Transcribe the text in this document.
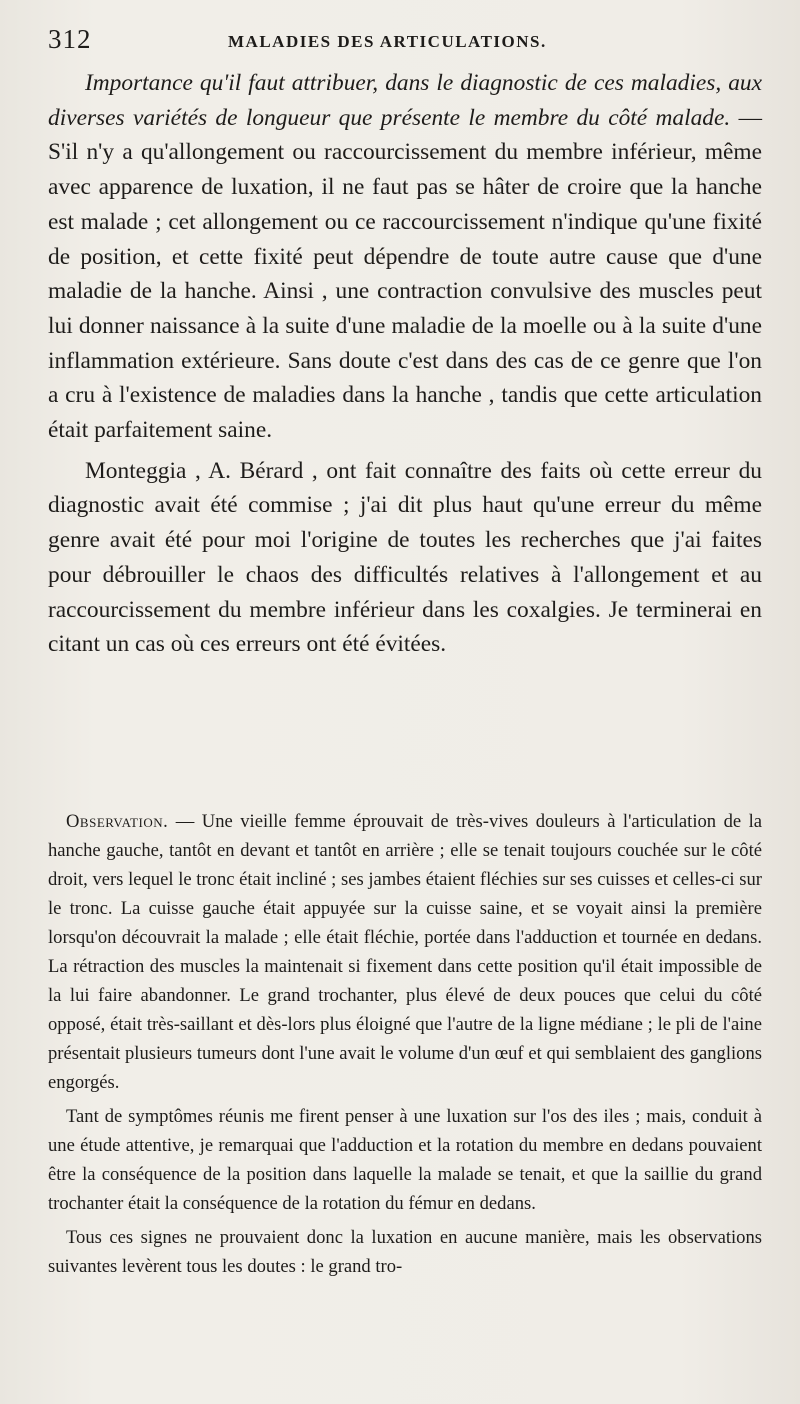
312	MALADIES DES ARTICULATIONS.

Importance qu'il faut attribuer, dans le diagnostic de ces maladies, aux diverses variétés de longueur que présente le membre du côté malade. — S'il n'y a qu'allongement ou raccourcissement du membre inférieur, même avec apparence de luxation, il ne faut pas se hâter de croire que la hanche est malade ; cet allongement ou ce raccourcissement n'indique qu'une fixité de position, et cette fixité peut dépendre de toute autre cause que d'une maladie de la hanche. Ainsi , une contraction convulsive des muscles peut lui donner naissance à la suite d'une maladie de la moelle ou à la suite d'une inflammation extérieure. Sans doute c'est dans des cas de ce genre que l'on a cru à l'existence de maladies dans la hanche , tandis que cette articulation était parfaitement saine.

Monteggia , A. Bérard , ont fait connaître des faits où cette erreur du diagnostic avait été commise ; j'ai dit plus haut qu'une erreur du même genre avait été pour moi l'origine de toutes les recherches que j'ai faites pour débrouiller le chaos des difficultés relatives à l'allongement et au raccourcissement du membre inférieur dans les coxalgies. Je terminerai en citant un cas où ces erreurs ont été évitées.

Observation. — Une vieille femme éprouvait de très-vives douleurs à l'articulation de la hanche gauche, tantôt en devant et tantôt en arrière ; elle se tenait toujours couchée sur le côté droit, vers lequel le tronc était incliné ; ses jambes étaient fléchies sur ses cuisses et celles-ci sur le tronc. La cuisse gauche était appuyée sur la cuisse saine, et se voyait ainsi la première lorsqu'on découvrait la malade ; elle était fléchie, portée dans l'adduction et tournée en dedans. La rétraction des muscles la maintenait si fixement dans cette position qu'il était impossible de la lui faire abandonner. Le grand trochanter, plus élevé de deux pouces que celui du côté opposé, était très-saillant et dès-lors plus éloigné que l'autre de la ligne médiane ; le pli de l'aine présentait plusieurs tumeurs dont l'une avait le volume d'un œuf et qui semblaient des ganglions engorgés.

Tant de symptômes réunis me firent penser à une luxation sur l'os des iles ; mais, conduit à une étude attentive, je remarquai que l'adduction et la rotation du membre en dedans pouvaient être la conséquence de la position dans laquelle la malade se tenait, et que la saillie du grand trochanter était la conséquence de la rotation du fémur en dedans.

Tous ces signes ne prouvaient donc la luxation en aucune manière, mais les observations suivantes levèrent tous les doutes : le grand tro-
